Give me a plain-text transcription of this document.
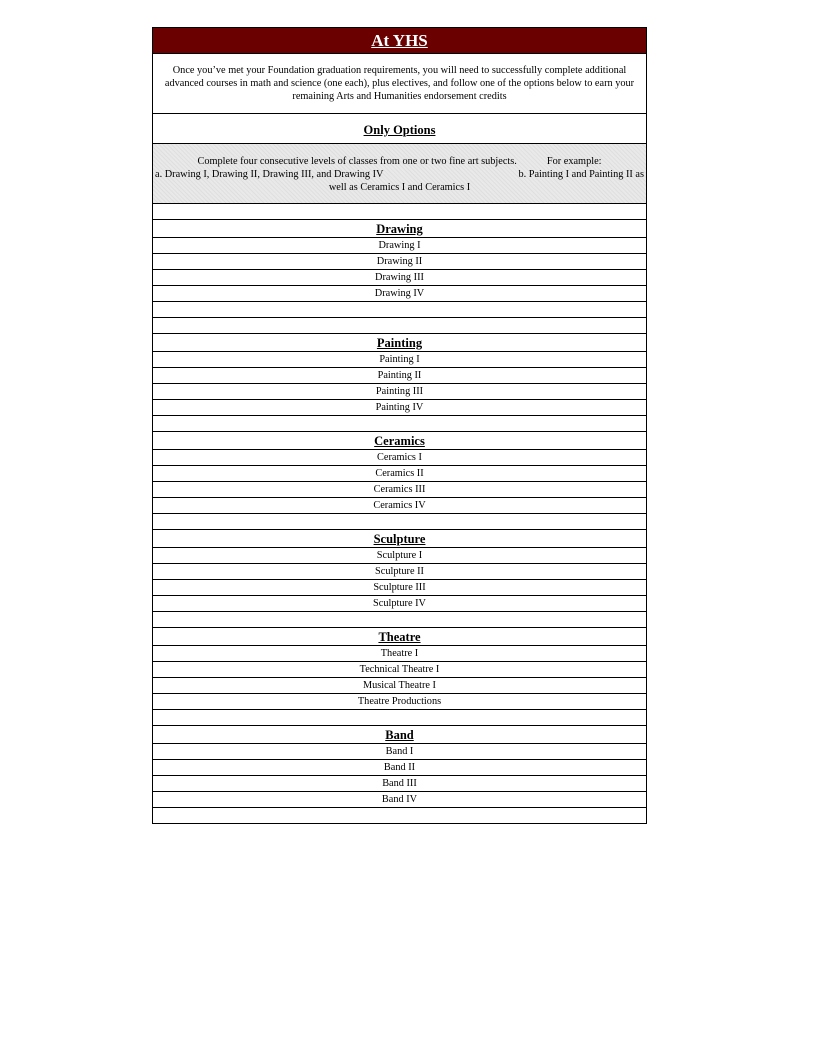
At YHS
Once you’ve met your Foundation graduation requirements, you will need to successfully complete additional advanced courses in math and science (one each), plus electives, and follow one of the options below to earn your remaining Arts and Humanities endorsement credits
Only Options
Complete four consecutive levels of classes from one or two fine art subjects.	For example:
a. Drawing I, Drawing II, Drawing III, and Drawing IV	b. Painting I and Painting II as
well as Ceramics I and Ceramics I
Drawing
Drawing I
Drawing II
Drawing III
Drawing IV
Painting
Painting I
Painting II
Painting III
Painting IV
Ceramics
Ceramics I
Ceramics II
Ceramics III
Ceramics IV
Sculpture
Sculpture I
Sculpture II
Sculpture III
Sculpture IV
Theatre
Theatre I
Technical Theatre I
Musical Theatre I
Theatre Productions
Band
Band I
Band II
Band III
Band IV
